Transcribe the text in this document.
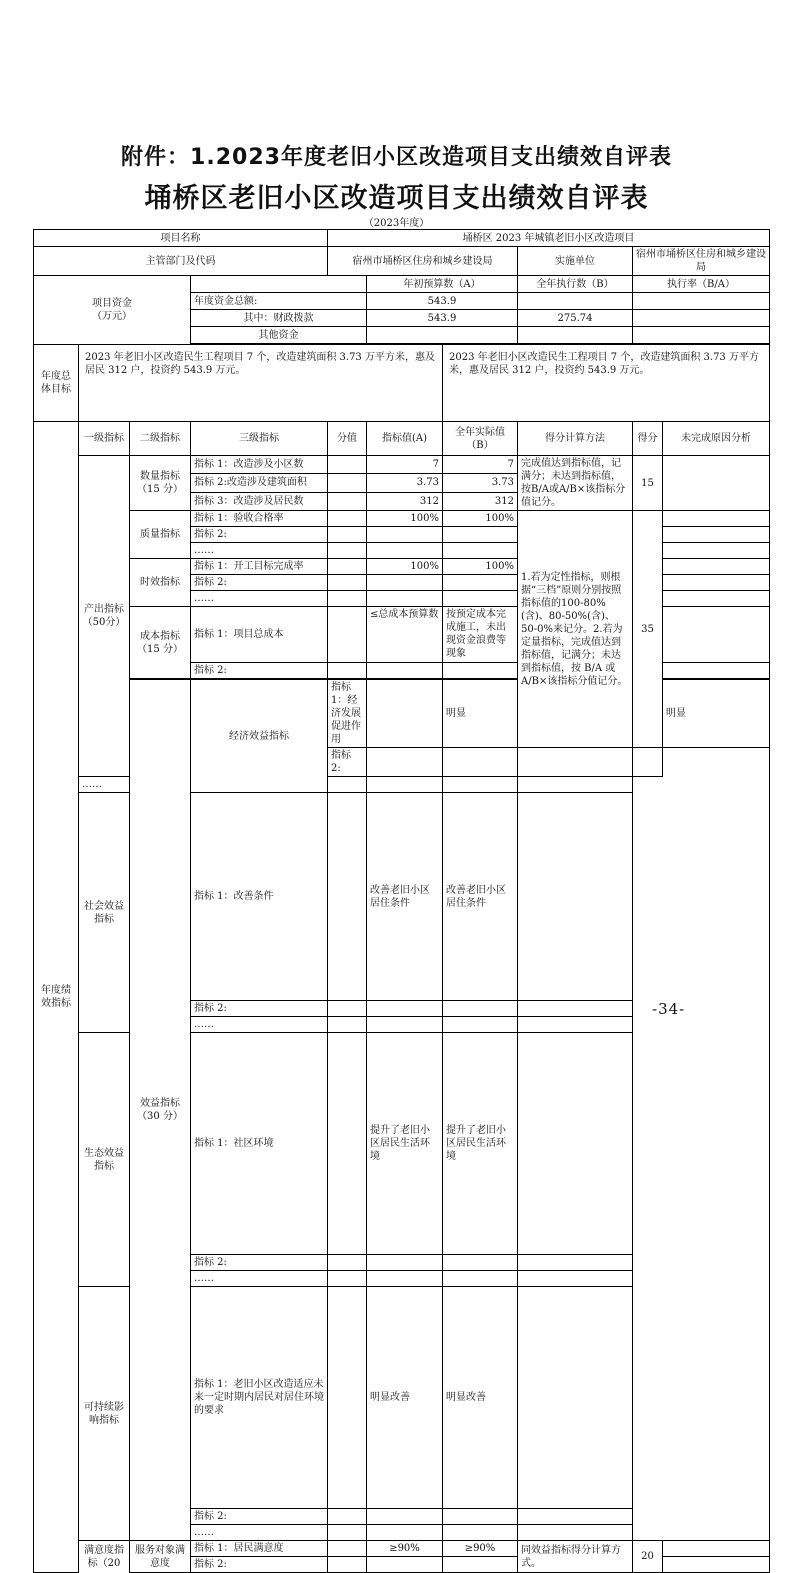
附件：1.2023年度老旧小区改造项目支出绩效自评表
埇桥区老旧小区改造项目支出绩效自评表
（2023年度）
项目名称				埇桥区 2023 年城镇老旧小区改造项目						
主管部门及代码				宿州市埇桥区住房和城乡建设局			实施单位	宿州市埇桥区住房和城乡建设局		

项目资金
（万元）					年初预算数（A）		全年执行数（B）	执行率（B/A）		
			年度资金总额:		543.9					
			其中：财政拨款		543.9		275.74			
			其他资金							

年度总体目标	2023 年老旧小区改造民生工程项目 7 个，改造建筑面积 3.73 万平方米，惠及居民 312 户，投资约 543.9 万元。					2023 年老旧小区改造民生工程项目 7 个，改造建筑面积 3.73 万平方米，惠及居民 312 户，投资约 543.9 万元。				
年度绩效指标	一级指标	二级指标	三级指标	分值	指标值(A)	全年实际值（B）	得分计算方法	得分	未完成原因分析	
	产出指标（50分）	数量指标（15 分）	指标 1：改造涉及小区数		7	7	完成值达到指标值，记满分；未达到指标值，按B/A或A/B×该指标分值记分。	15		
			指标 2:改造涉及建筑面积		3.73	3.73				
			指标 3：改造涉及居民数		312	312				
		质量指标	指标 1：验收合格率		100%	100%	1.若为定性指标，则根据“三档”原则分别按照指标值的100-80%(含)、80-50%(含)、50-0%来记分。2.若为定量指标，完成值达到指标值，记满分；未达到指标值，按 B/A 或 A/B×该指标分值记分。	35		
			指标 2:							
			……							
		时效指标	指标 1：开工目标完成率		100%	100%				
			指标 2:							
			……							
		成本指标（15 分）	指标 1：项目总成本		≤总成本预算数	按预定成本完成施工，未出现资金浪费等现象				
			指标 2:							

		效益指标（30 分）	经济效益指标	指标 1：经济发展促进作用		明显			明显			
				指标 2:						
	……									
	社会效益指标		指标 1：改善条件		改善老旧小区居住条件	改善老旧小区居住条件				
			指标 2:							
			……							
	生态效益指标		指标 1：社区环境		提升了老旧小区居民生活环境	提升了老旧小区居民生活环境				
			指标 2:							
			……							
	可持续影响指标		指标 1：老旧小区改造适应未来一定时期内居民对居住环境的要求		明显改善	明显改善				
			指标 2:							
			……							
	满意度指标（20	服务对象满意度	指标 1：居民满意度		≥90%	≥90%	同效益指标得分计算方式。	20		
			指标 2:							
-34-
